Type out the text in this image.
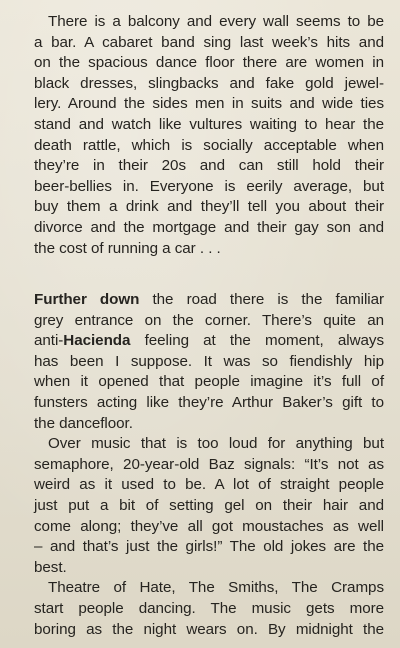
There is a balcony and every wall seems to be
a bar. A cabaret band sing last week’s hits and
on the spacious dance floor there are women in
black dresses, slingbacks and fake gold jewel-
lery. Around the sides men in suits and wide ties
stand and watch like vultures waiting to hear the
death rattle, which is socially acceptable when
they’re in their 20s and can still hold their
beer-bellies in. Everyone is eerily average, but
buy them a drink and they’ll tell you about their
divorce and the mortgage and their gay son and
the cost of running a car . . .
Further down the road there is the familiar
grey entrance on the corner. There’s quite an
anti-Hacienda feeling at the moment, always
has been I suppose. It was so fiendishly hip
when it opened that people imagine it’s full of
funsters acting like they’re Arthur Baker’s gift to
the dancefloor.
Over music that is too loud for anything but
semaphore, 20-year-old Baz signals: “It’s not as
weird as it used to be. A lot of straight people
just put a bit of setting gel on their hair and
come along; they’ve all got moustaches as well
– and that’s just the girls!” The old jokes are the
best.
Theatre of Hate, The Smiths, The Cramps
start people dancing. The music gets more
boring as the night wears on. By midnight the
